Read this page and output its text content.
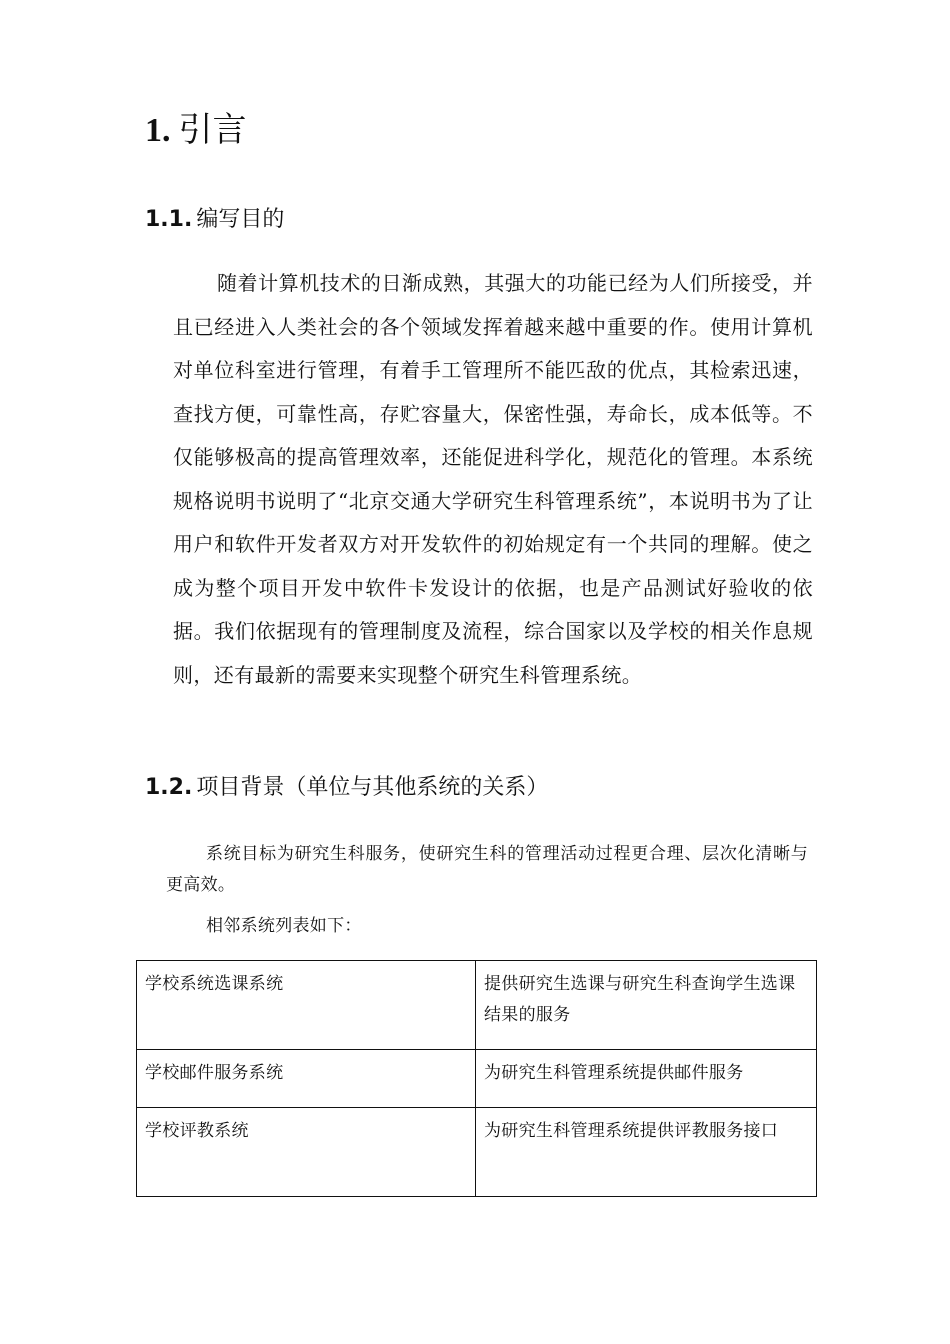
1. 引言
1.1. 编写目的

随着计算机技术的日渐成熟，其强大的功能已经为人们所接受，并且已经进入人类社会的各个领域发挥着越来越中重要的作。使用计算机对单位科室进行管理，有着手工管理所不能匹敌的优点，其检索迅速，查找方便，可靠性高，存贮容量大，保密性强，寿命长，成本低等。不仅能够极高的提高管理效率，还能促进科学化，规范化的管理。本系统规格说明书说明了“北京交通大学研究生科管理系统”，本说明书为了让用户和软件开发者双方对开发软件的初始规定有一个共同的理解。使之成为整个项目开发中软件卡发设计的依据，也是产品测试好验收的依据。我们依据现有的管理制度及流程，综合国家以及学校的相关作息规则，还有最新的需要来实现整个研究生科管理系统。

1.2. 项目背景（单位与其他系统的关系）

系统目标为研究生科服务，使研究生科的管理活动过程更合理、层次化清晰与更高效。

相邻系统列表如下：

学校系统选课系统	提供研究生选课与研究生科查询学生选课结果的服务
学校邮件服务系统	为研究生科管理系统提供邮件服务
学校评教系统	为研究生科管理系统提供评教服务接口
